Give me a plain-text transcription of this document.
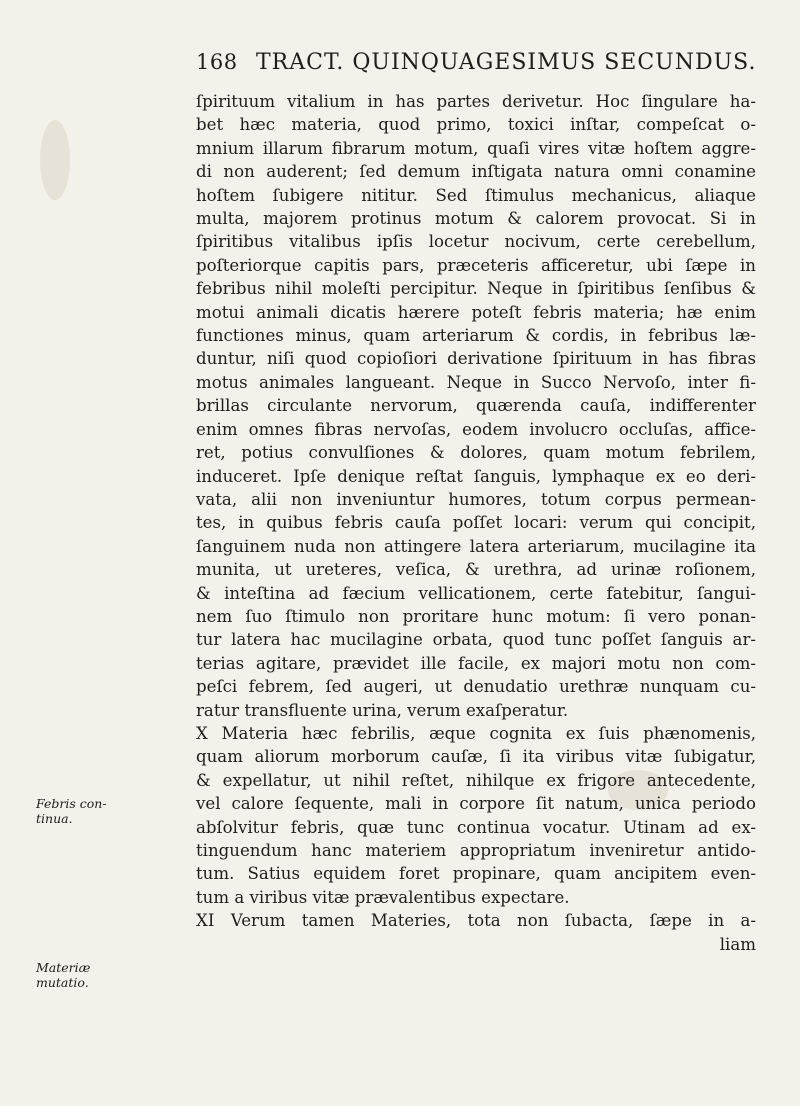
168 TRACT. QUINQUAGESIMUS SECUNDUS.
Febris con-
tinua.
Materiæ
mutatio.
ſpirituum vitalium in has partes derivetur. Hoc ſingulare ha-
bet hæc materia, quod primo, toxici inſtar, compeſcat o-
mnium illarum fibrarum motum, quaſi vires vitæ hoſtem aggre-
di non auderent; ſed demum inſtigata natura omni conamine
hoſtem ſubigere nititur. Sed ſtimulus mechanicus, aliaque
multa, majorem protinus motum & calorem provocat. Si in
ſpiritibus vitalibus ipſis locetur nocivum, certe cerebellum,
poſteriorque capitis pars, præceteris afficeretur, ubi ſæpe in
febribus nihil moleſti percipitur. Neque in ſpiritibus ſenſibus &
motui animali dicatis hærere poteſt febris materia; hæ enim
functiones minus, quam arteriarum & cordis, in febribus læ-
duntur, niſi quod copioſiori derivatione ſpirituum in has fibras
motus animales langueant. Neque in Succo Nervoſo, inter fi-
brillas circulante nervorum, quærenda cauſa, indifferenter
enim omnes fibras nervoſas, eodem involucro occluſas, affice-
ret, potius convulſiones & dolores, quam motum febrilem,
induceret. Ipſe denique reſtat ſanguis, lymphaque ex eo deri-
vata, alii non inveniuntur humores, totum corpus permean-
tes, in quibus febris cauſa poſſet locari: verum qui concipit,
ſanguinem nuda non attingere latera arteriarum, mucilagine ita
munita, ut ureteres, veſica, & urethra, ad urinæ roſionem,
& inteſtina ad fæcium vellicationem, certe fatebitur, ſangui-
nem ſuo ſtimulo non proritare hunc motum: ſi vero ponan-
tur latera hac mucilagine orbata, quod tunc poſſet ſanguis ar-
terias agitare, prævidet ille facile, ex majori motu non com-
peſci febrem, ſed augeri, ut denudatio urethræ nunquam cu-
ratur transfluente urina, verum exaſperatur.
X Materia hæc febrilis, æque cognita ex ſuis phænomenis,
quam aliorum morborum cauſæ, ſi ita viribus vitæ ſubigatur,
& expellatur, ut nihil reſtet, nihilque ex frigore antecedente,
vel calore ſequente, mali in corpore ſit natum, unica periodo
abſolvitur febris, quæ tunc continua vocatur. Utinam ad ex-
tinguendum hanc materiem appropriatum inveniretur antido-
tum. Satius equidem foret propinare, quam ancipitem even-
tum a viribus vitæ prævalentibus expectare.
XI Verum tamen Materies, tota non ſubacta, ſæpe in a-
liam
